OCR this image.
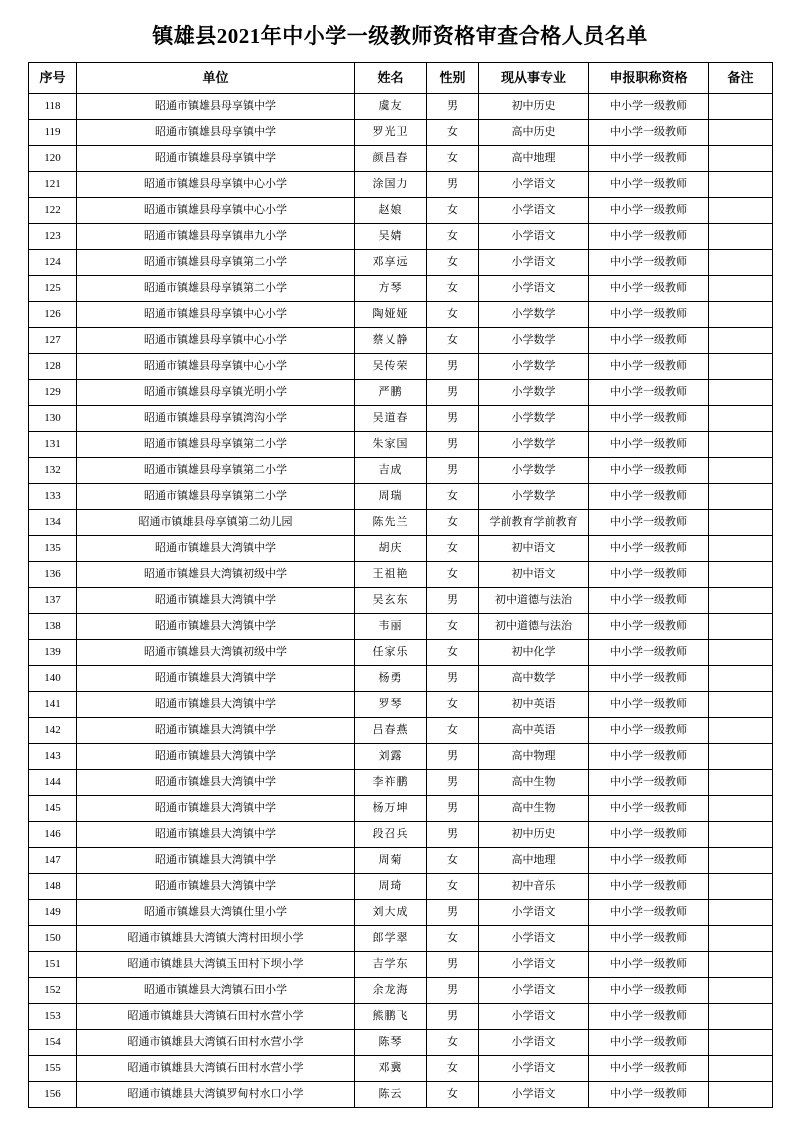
镇雄县2021年中小学一级教师资格审查合格人员名单
序号	单位	姓名	性别	现从事专业	申报职称资格	备注
118	昭通市镇雄县母享镇中学	虞友	男	初中历史	中小学一级教师	
119	昭通市镇雄县母享镇中学	罗光卫	女	高中历史	中小学一级教师	
120	昭通市镇雄县母享镇中学	颜昌春	女	高中地理	中小学一级教师	
121	昭通市镇雄县母享镇中心小学	涂国力	男	小学语文	中小学一级教师	
122	昭通市镇雄县母享镇中心小学	赵娘	女	小学语文	中小学一级教师	
123	昭通市镇雄县母享镇串九小学	吴婧	女	小学语文	中小学一级教师	
124	昭通市镇雄县母享镇第二小学	邓享远	女	小学语文	中小学一级教师	
125	昭通市镇雄县母享镇第二小学	方琴	女	小学语文	中小学一级教师	
126	昭通市镇雄县母享镇中心小学	陶娅娅	女	小学数学	中小学一级教师	
127	昭通市镇雄县母享镇中心小学	蔡乂静	女	小学数学	中小学一级教师	
128	昭通市镇雄县母享镇中心小学	吴传荣	男	小学数学	中小学一级教师	
129	昭通市镇雄县母享镇光明小学	严鹏	男	小学数学	中小学一级教师	
130	昭通市镇雄县母享镇湾沟小学	吴道春	男	小学数学	中小学一级教师	
131	昭通市镇雄县母享镇第二小学	朱家国	男	小学数学	中小学一级教师	
132	昭通市镇雄县母享镇第二小学	吉成	男	小学数学	中小学一级教师	
133	昭通市镇雄县母享镇第二小学	周瑞	女	小学数学	中小学一级教师	
134	昭通市镇雄县母享镇第二幼儿园	陈先兰	女	学前教育学前教育	中小学一级教师	
135	昭通市镇雄县大湾镇中学	胡庆	女	初中语文	中小学一级教师	
136	昭通市镇雄县大湾镇初级中学	王祖艳	女	初中语文	中小学一级教师	
137	昭通市镇雄县大湾镇中学	吴玄东	男	初中道德与法治	中小学一级教师	
138	昭通市镇雄县大湾镇中学	韦丽	女	初中道德与法治	中小学一级教师	
139	昭通市镇雄县大湾镇初级中学	任家乐	女	初中化学	中小学一级教师	
140	昭通市镇雄县大湾镇中学	杨勇	男	高中数学	中小学一级教师	
141	昭通市镇雄县大湾镇中学	罗琴	女	初中英语	中小学一级教师	
142	昭通市镇雄县大湾镇中学	吕春燕	女	高中英语	中小学一级教师	
143	昭通市镇雄县大湾镇中学	刘露	男	高中物理	中小学一级教师	
144	昭通市镇雄县大湾镇中学	李祚鹏	男	高中生物	中小学一级教师	
145	昭通市镇雄县大湾镇中学	杨万坤	男	高中生物	中小学一级教师	
146	昭通市镇雄县大湾镇中学	段召兵	男	初中历史	中小学一级教师	
147	昭通市镇雄县大湾镇中学	周菊	女	高中地理	中小学一级教师	
148	昭通市镇雄县大湾镇中学	周琦	女	初中音乐	中小学一级教师	
149	昭通市镇雄县大湾镇仕里小学	刘大成	男	小学语文	中小学一级教师	
150	昭通市镇雄县大湾镇大湾村田坝小学	郎学翠	女	小学语文	中小学一级教师	
151	昭通市镇雄县大湾镇玉田村下坝小学	吉学东	男	小学语文	中小学一级教师	
152	昭通市镇雄县大湾镇石田小学	余龙海	男	小学语文	中小学一级教师	
153	昭通市镇雄县大湾镇石田村水营小学	熊鹏飞	男	小学语文	中小学一级教师	
154	昭通市镇雄县大湾镇石田村水营小学	陈琴	女	小学语文	中小学一级教师	
155	昭通市镇雄县大湾镇石田村水营小学	邓冀	女	小学语文	中小学一级教师	
156	昭通市镇雄县大湾镇罗甸村水口小学	陈云	女	小学语文	中小学一级教师	
